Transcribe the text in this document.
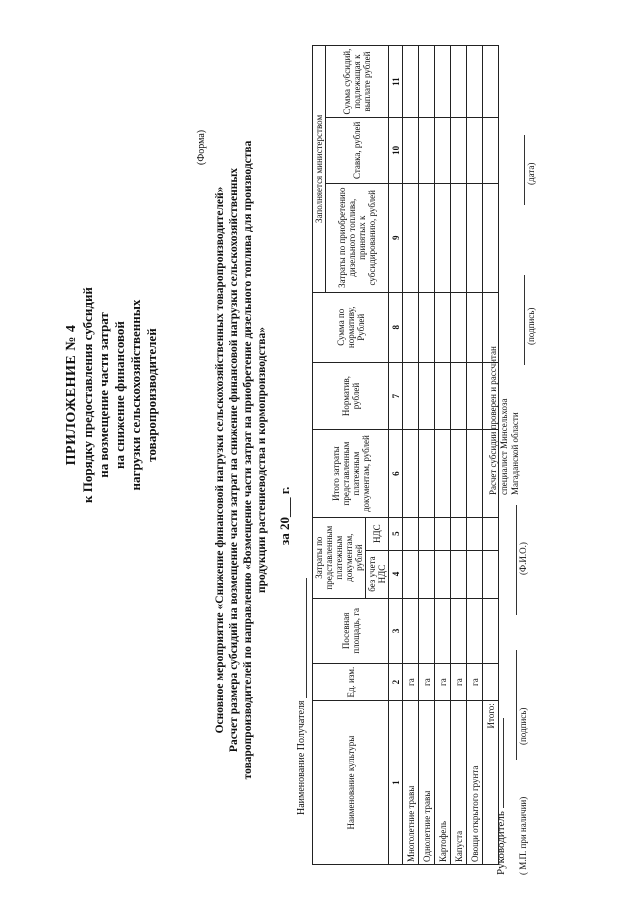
ПРИЛОЖЕНИЕ № 4 к Порядку предоставления субсидий на возмещение части затрат на снижение финансовой нагрузки сельскохозяйственных товаропроизводителей
(Форма)
Основное мероприятие «Снижение финансовой нагрузки сельскохозяйственных товаропроизводителей» Расчет размера субсидий на возмещение части затрат на снижение финансовой нагрузки сельскохозяйственных товаропроизводителей по направлению «Возмещение части затрат на приобретение дизельного топлива для производства продукции растениеводства и кормопроизводства» за 20___ г.
Наименование Получателя	Наименование культуры	Ед. изм.	Посевная площадь, га	Затраты по представленным платежным документам, рублей		Итого затраты представленным платежным документам, рублей	Норматив, рублей	Сумма по нормативу, Рублей	Заполняется министерством		
								Затраты по приобретению дизельного топлива, принятых к субсидированию, рублей	Ставка, рублей	Сумма субсидий, подлежащая к выплате рублей
			без учета НДС	НДС						
1	2	3	4	5	6	7	8	9	10	11
Многолетние травы	га									
Однолетние травы	га									
Картофель	га									
Капуста	га									
Овощи открытого грунта	га									
Итого:										
Руководитель ( М.П. при наличии)
(подпись)
(Ф.И.О.)
Расчет субсидии проверен и рассчитан специалист Минсельхоза Магаданской области
(подпись)
(дата)
